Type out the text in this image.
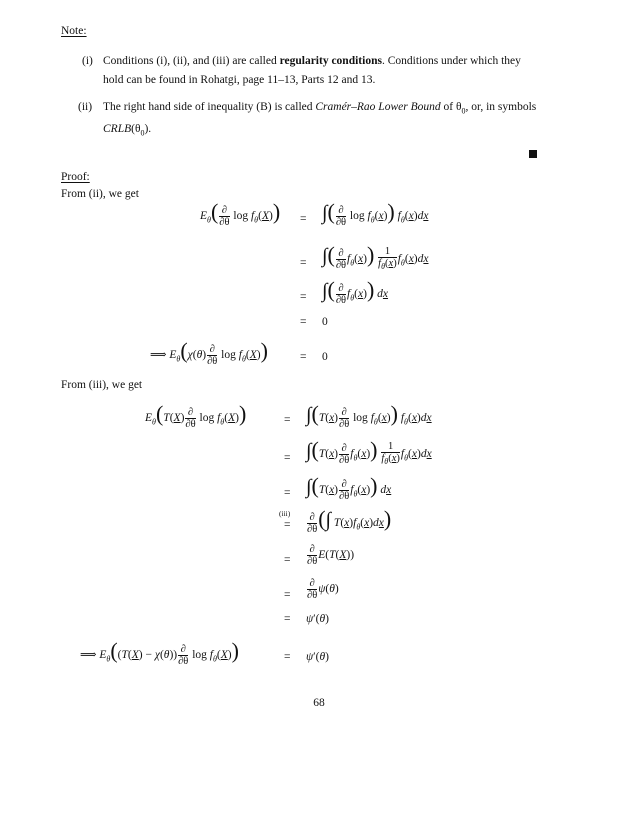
Note:
(i) Conditions (i), (ii), and (iii) are called regularity conditions. Conditions under which they hold can be found in Rohatgi, page 11–13, Parts 12 and 13.
(ii) The right hand side of inequality (B) is called Cramér–Rao Lower Bound of $\theta_0$, or, in symbols $CRLB(\theta_0)$.
Proof:
From (ii), we get
$E_\theta( \frac{\partial}{\partial\theta}$ $\log f_\theta(X)$) = ∫( $\frac{\partial}{\partial\theta}$ $\log f_\theta(x)$) $f_\theta(x)dx$
= ∫( $\frac{\partial}{\partial\theta} f_\theta(x)) \frac{1}{f_\theta(x)} f_\theta(x)dx$
= ∫( $\frac{\partial}{\partial\theta} f_\theta(x)$) dx
= 0
⟹ $E_\theta(\chi(\theta) \frac{\partial}{\partial\theta}$ $\log f_\theta(X)$)	= 0
From (iii), we get
$E_\theta(T(X) \frac{\partial}{\partial\theta}$ $\log f_\theta(X)$)	= $\int(T(x) \frac{\partial}{\partial\theta}$ $\log f_\theta(x)$) $f_\theta(x)dx$
= $\int(T(x) \frac{\partial}{\partial\theta} f_\theta(x)) \frac{1}{f_\theta(x)} f_\theta(x)dx$
= $\int(T(x) \frac{\partial}{\partial\theta} f_\theta(x))$ dx
(iii)
= $\frac{\partial}{\partial\theta}$ (∫ $T(x)f_\theta(x)dx$)
= $\frac{\partial}{\partial\theta} E(T(X))$
= $\frac{\partial}{\partial\theta} \psi(\theta)$
= ψ′(θ)
⟹ $E_\theta((T(X) - \chi(\theta)) \frac{\partial}{\partial\theta}$ $\log f_\theta(X)$)	= ψ′(θ)
68
